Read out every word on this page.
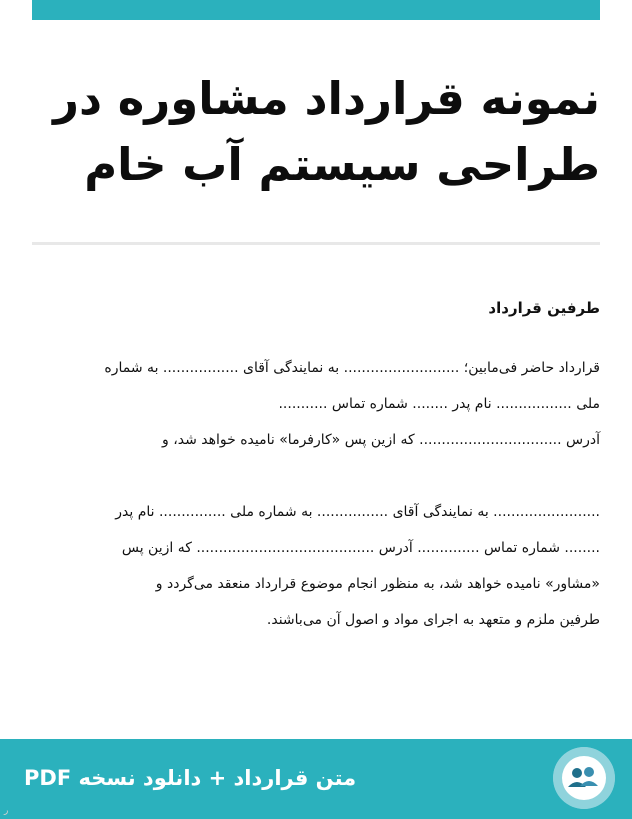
نمونه قرارداد مشاوره در
طراحی سیستم آب خام
طرفین قرارداد
قرارداد حاضر فی‌مابین؛ .......................... به نمایندگی آقای ................. به شماره
ملی ................. نام پدر ........ شماره تماس ...........
آدرس ................................ که ازین پس «کارفرما» نامیده خواهد شد، و
........................ به نمایندگی آقای ................ به شماره ملی ............... نام پدر
........ شماره تماس .............. آدرس ........................................ که ازین پس
«مشاور» نامیده خواهد شد، به منظور انجام موضوع قرارداد منعقد می‌گردد و
طرفین ملزم و متعهد به اجرای مواد و اصول آن می‌باشند.
متن قرارداد + دانلود نسخه PDF
ر
